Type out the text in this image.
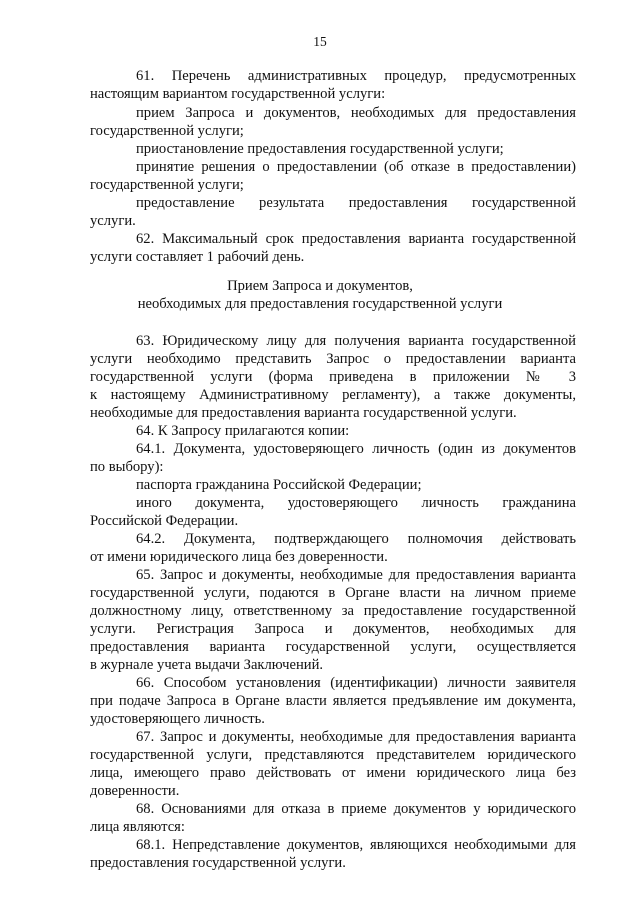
15
61. Перечень административных процедур, предусмотренных
настоящим вариантом государственной услуги:
прием Запроса и документов, необходимых для предоставления
государственной услуги;
приостановление предоставления государственной услуги;
принятие решения о предоставлении (об отказе в предоставлении)
государственной услуги;
предоставление результата предоставления государственной
услуги.
62. Максимальный срок предоставления варианта государственной
услуги составляет 1 рабочий день.
Прием Запроса и документов,
необходимых для предоставления государственной услуги
63. Юридическому лицу для получения варианта государственной
услуги необходимо представить Запрос о предоставлении варианта
государственной услуги (форма приведена в приложении № 3
к настоящему Административному регламенту), а также документы,
необходимые для предоставления варианта государственной услуги.
64. К Запросу прилагаются копии:
64.1. Документа, удостоверяющего личность (один из документов
по выбору):
паспорта гражданина Российской Федерации;
иного документа, удостоверяющего личность гражданина
Российской Федерации.
64.2. Документа, подтверждающего полномочия действовать
от имени юридического лица без доверенности.
65. Запрос и документы, необходимые для предоставления варианта
государственной услуги, подаются в Органе власти на личном приеме
должностному лицу, ответственному за предоставление государственной
услуги. Регистрация Запроса и документов, необходимых для
предоставления варианта государственной услуги, осуществляется
в журнале учета выдачи Заключений.
66. Способом установления (идентификации) личности заявителя
при подаче Запроса в Органе власти является предъявление им документа,
удостоверяющего личность.
67. Запрос и документы, необходимые для предоставления варианта
государственной услуги, представляются представителем юридического
лица, имеющего право действовать от имени юридического лица без
доверенности.
68. Основаниями для отказа в приеме документов у юридического
лица являются:
68.1. Непредставление документов, являющихся необходимыми для
предоставления государственной услуги.
